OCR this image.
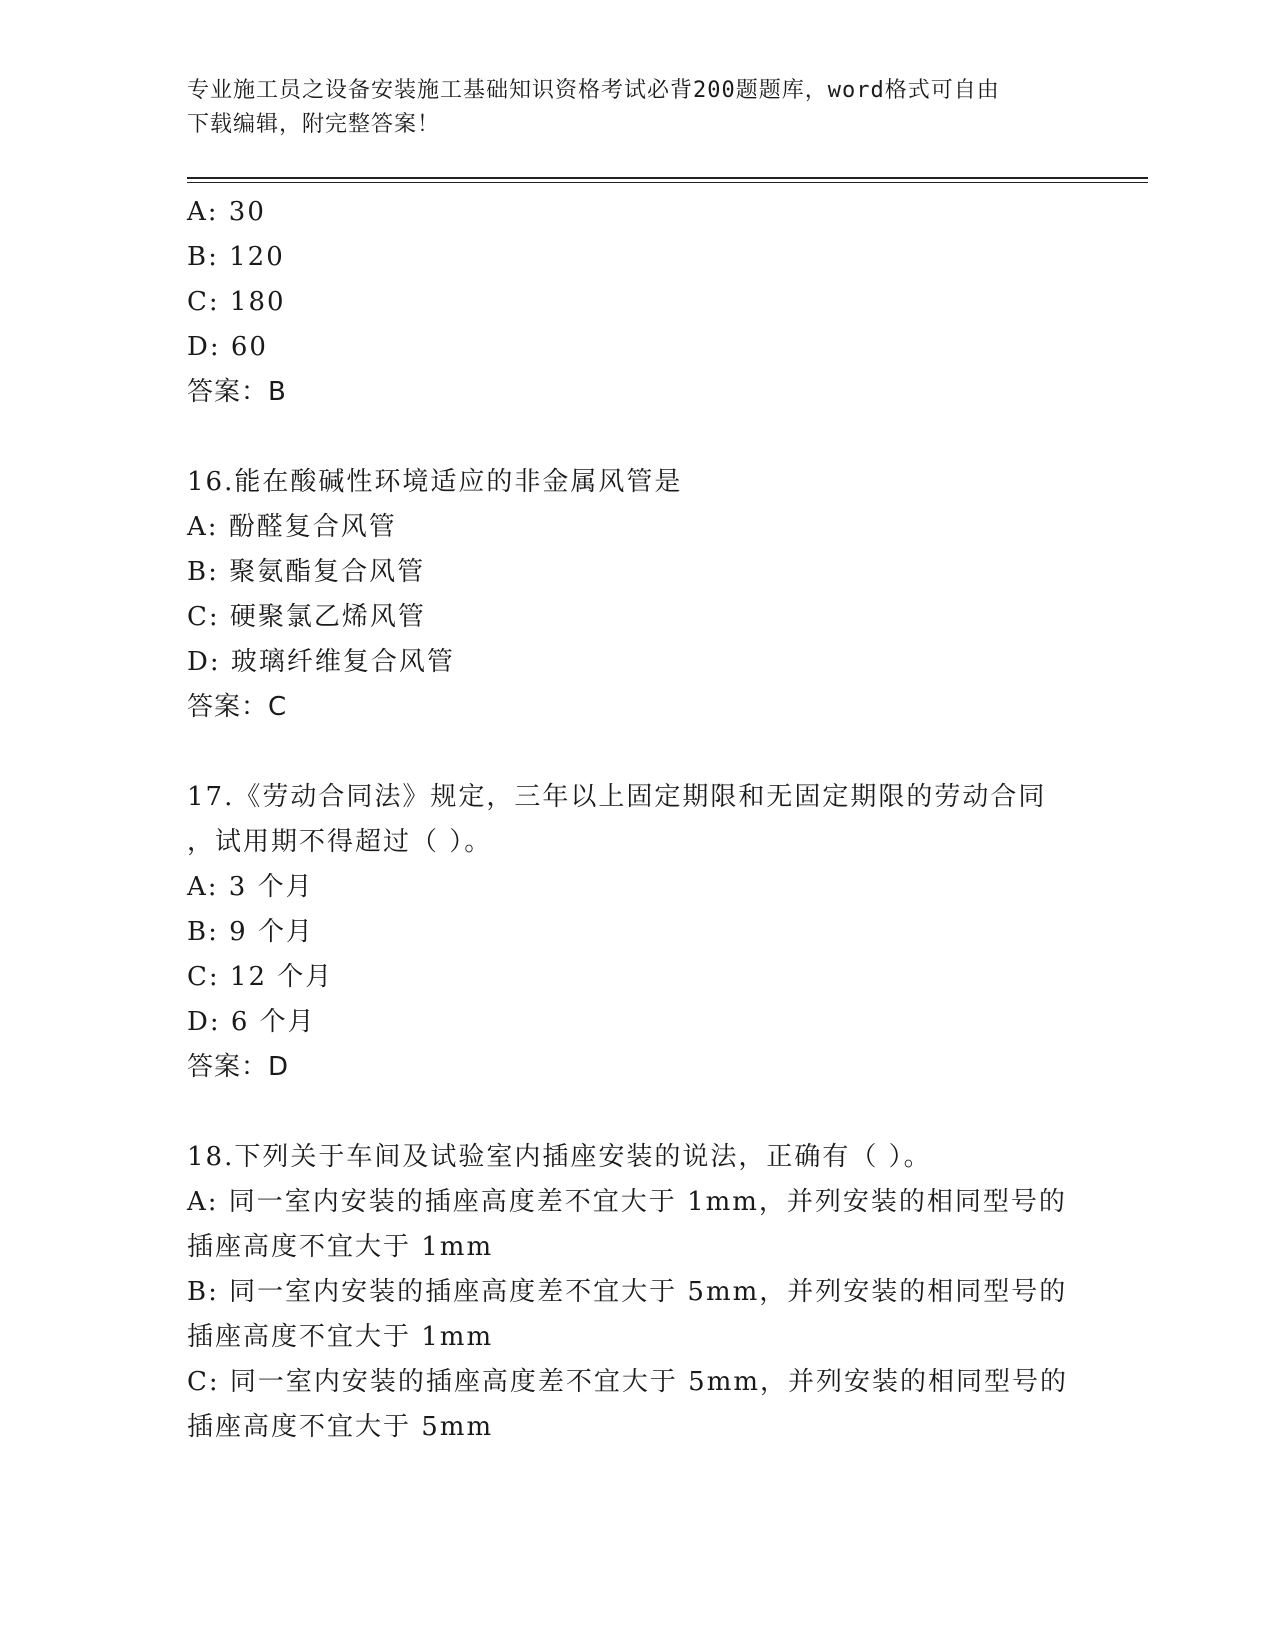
专业施工员之设备安装施工基础知识资格考试必背200题题库，word格式可自由
下载编辑，附完整答案！

A: 30

B: 120

C: 180

D: 60

答案：B

16.能在酸碱性环境适应的非金属风管是

A: 酚醛复合风管

B: 聚氨酯复合风管

C: 硬聚氯乙烯风管

D: 玻璃纤维复合风管

答案：C

17.《劳动合同法》规定，三年以上固定期限和无固定期限的劳动合同

，试用期不得超过（ ）。

A: 3 个月

B: 9 个月

C: 12 个月

D: 6 个月

答案：D

18.下列关于车间及试验室内插座安装的说法，正确有（ ）。

A: 同一室内安装的插座高度差不宜大于 1mm，并列安装的相同型号的

插座高度不宜大于 1mm

B: 同一室内安装的插座高度差不宜大于 5mm，并列安装的相同型号的

插座高度不宜大于 1mm

C: 同一室内安装的插座高度差不宜大于 5mm，并列安装的相同型号的

插座高度不宜大于 5mm
